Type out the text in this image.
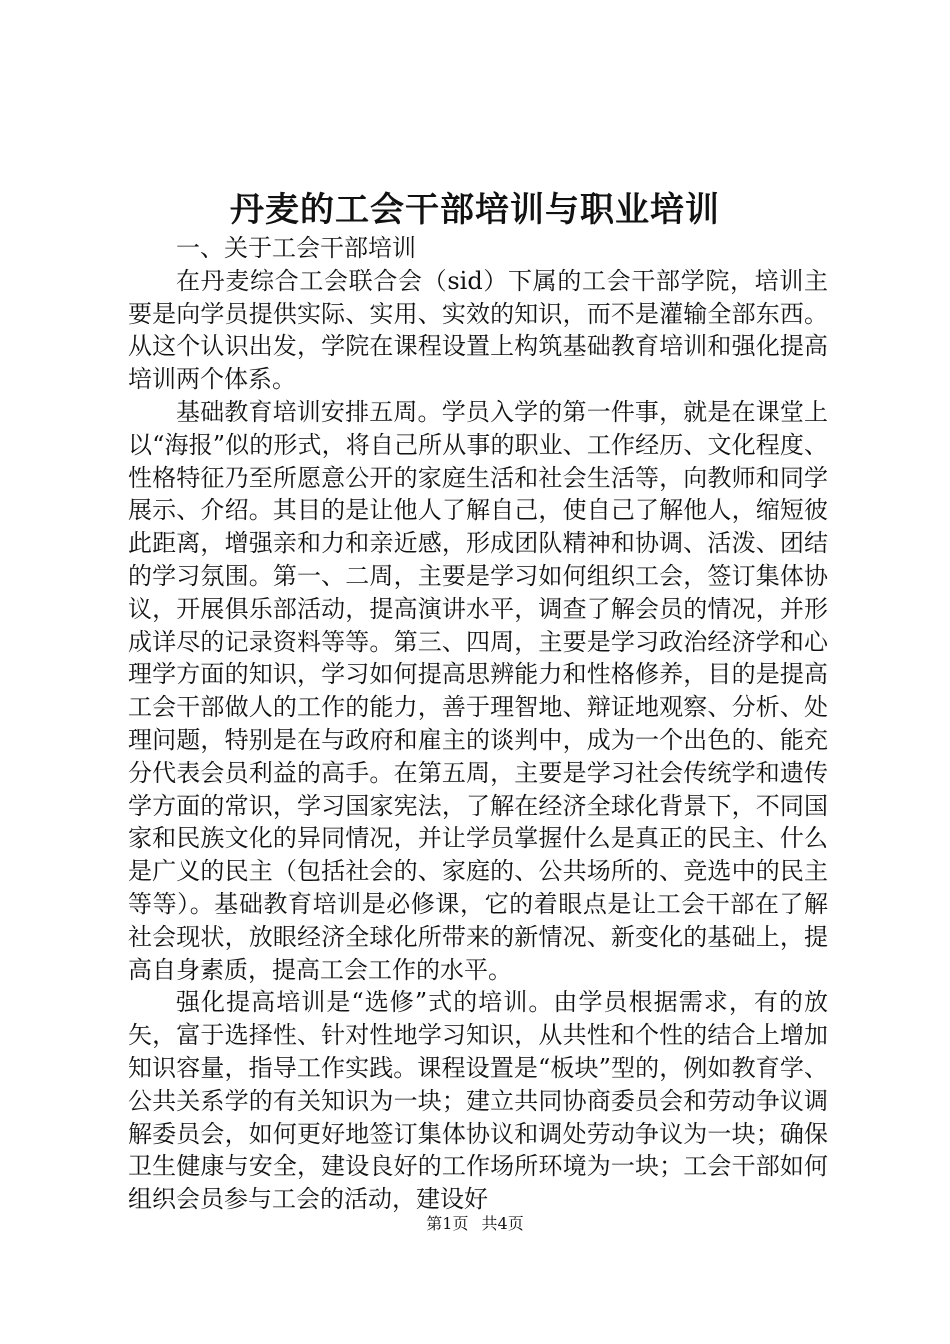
丹麦的工会干部培训与职业培训

一、关于工会干部培训

在丹麦综合工会联合会（sid）下属的工会干部学院，培训主要是向学员提供实际、实用、实效的知识，而不是灌输全部东西。从这个认识出发，学院在课程设置上构筑基础教育培训和强化提高培训两个体系。

基础教育培训安排五周。学员入学的第一件事，就是在课堂上以“海报”似的形式，将自己所从事的职业、工作经历、文化程度、性格特征乃至所愿意公开的家庭生活和社会生活等，向教师和同学展示、介绍。其目的是让他人了解自己，使自己了解他人，缩短彼此距离，增强亲和力和亲近感，形成团队精神和协调、活泼、团结的学习氛围。第一、二周，主要是学习如何组织工会，签订集体协议，开展俱乐部活动，提高演讲水平，调查了解会员的情况，并形成详尽的记录资料等等。第三、四周，主要是学习政治经济学和心理学方面的知识，学习如何提高思辨能力和性格修养，目的是提高工会干部做人的工作的能力，善于理智地、辩证地观察、分析、处理问题，特别是在与政府和雇主的谈判中，成为一个出色的、能充分代表会员利益的高手。在第五周，主要是学习社会传统学和遗传学方面的常识，学习国家宪法，了解在经济全球化背景下，不同国家和民族文化的异同情况，并让学员掌握什么是真正的民主、什么是广义的民主（包括社会的、家庭的、公共场所的、竞选中的民主等等）。基础教育培训是必修课，它的着眼点是让工会干部在了解社会现状，放眼经济全球化所带来的新情况、新变化的基础上，提高自身素质，提高工会工作的水平。

强化提高培训是“选修”式的培训。由学员根据需求，有的放矢，富于选择性、针对性地学习知识，从共性和个性的结合上增加知识容量，指导工作实践。课程设置是“板块”型的，例如教育学、公共关系学的有关知识为一块；建立共同协商委员会和劳动争议调解委员会，如何更好地签订集体协议和调处劳动争议为一块；确保卫生健康与安全，建设良好的工作场所环境为一块；工会干部如何组织会员参与工会的活动，建设好

第1页 共4页
